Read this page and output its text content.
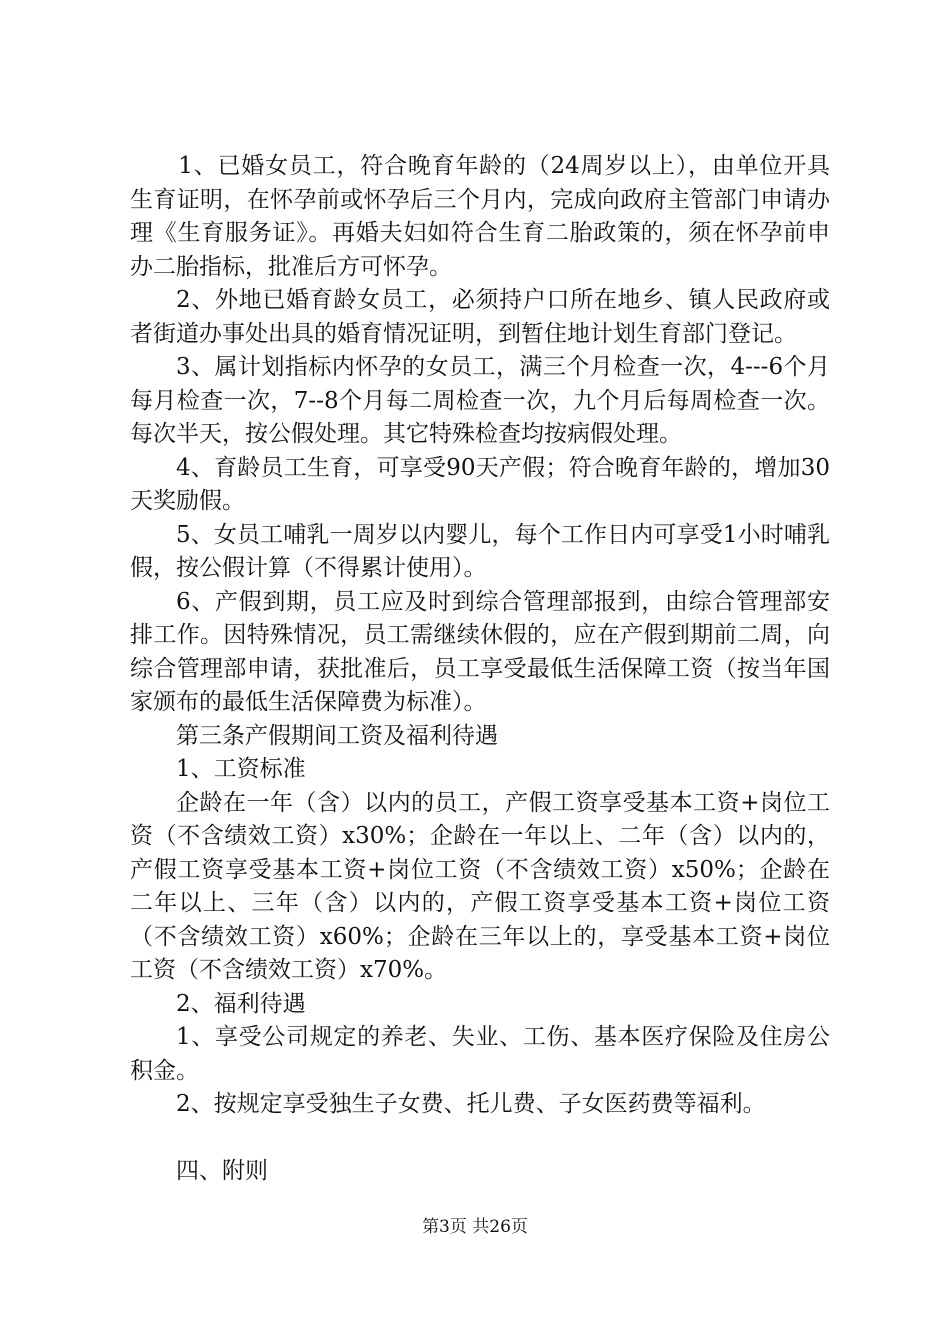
1、已婚女员工，符合晚育年龄的（24周岁以上），由单位开具生育证明，在怀孕前或怀孕后三个月内，完成向政府主管部门申请办理《生育服务证》。再婚夫妇如符合生育二胎政策的，须在怀孕前申办二胎指标，批准后方可怀孕。

2、外地已婚育龄女员工，必须持户口所在地乡、镇人民政府或者街道办事处出具的婚育情况证明，到暂住地计划生育部门登记。

3、属计划指标内怀孕的女员工，满三个月检查一次，4---6个月每月检查一次，7--8个月每二周检查一次，九个月后每周检查一次。每次半天，按公假处理。其它特殊检查均按病假处理。

4、育龄员工生育，可享受90天产假；符合晚育年龄的，增加30天奖励假。

5、女员工哺乳一周岁以内婴儿，每个工作日内可享受1小时哺乳假，按公假计算（不得累计使用）。

6、产假到期，员工应及时到综合管理部报到，由综合管理部安排工作。因特殊情况，员工需继续休假的，应在产假到期前二周，向综合管理部申请，获批准后，员工享受最低生活保障工资（按当年国家颁布的最低生活保障费为标准）。

第三条产假期间工资及福利待遇

1、工资标准

企龄在一年（含）以内的员工，产假工资享受基本工资+岗位工资（不含绩效工资）x30%；企龄在一年以上、二年（含）以内的，产假工资享受基本工资+岗位工资（不含绩效工资）x50%；企龄在二年以上、三年（含）以内的，产假工资享受基本工资+岗位工资（不含绩效工资）x60%；企龄在三年以上的，享受基本工资+岗位工资（不含绩效工资）x70%。

2、福利待遇

1、享受公司规定的养老、失业、工伤、基本医疗保险及住房公积金。

2、按规定享受独生子女费、托儿费、子女医药费等福利。

四、附则

第3页 共26页
